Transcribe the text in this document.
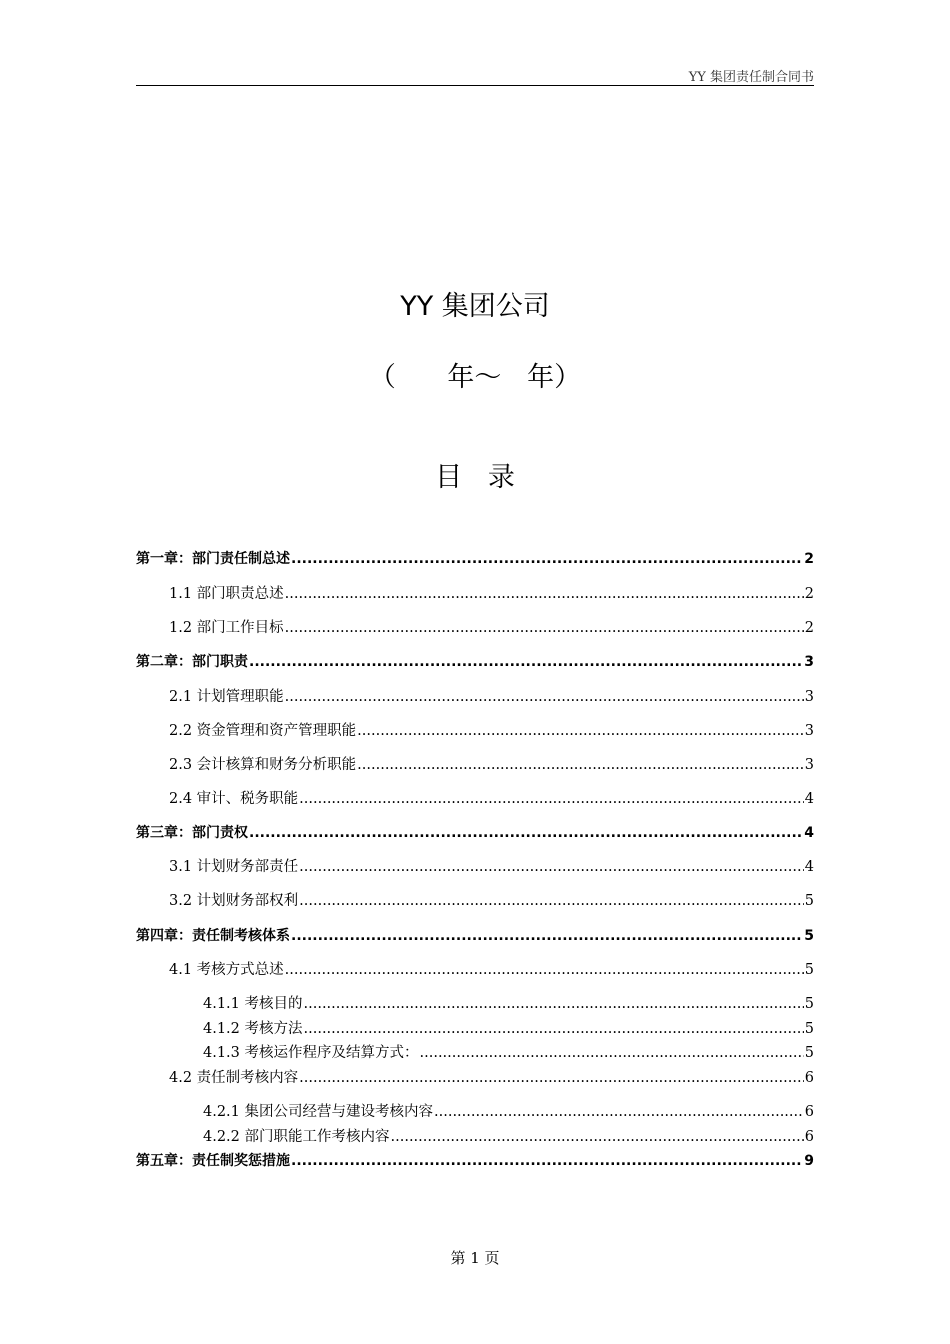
YY 集团责任制合同书
YY 集团公司
（      年～   年）
目   录
第一章：部门责任制总述 .....	2
1.1 部门职责总述 .....	2
1.2 部门工作目标 .....	2
第二章：部门职责 .....	3
2.1 计划管理职能 .....	3
2.2 资金管理和资产管理职能 .....	3
2.3 会计核算和财务分析职能 .....	3
2.4 审计、税务职能 .....	4
第三章：部门责权 .....	4
3.1 计划财务部责任 .....	4
3.2 计划财务部权利 .....	5
第四章：责任制考核体系 .....	5
4.1 考核方式总述 .....	5
4.1.1 考核目的 .....	5
4.1.2 考核方法 .....	5
4.1.3 考核运作程序及结算方式： .....	5
4.2 责任制考核内容 .....	6
4.2.1 集团公司经营与建设考核内容 .....	6
4.2.2 部门职能工作考核内容 .....	6
第五章：责任制奖惩措施 .....	9
第 1 页
